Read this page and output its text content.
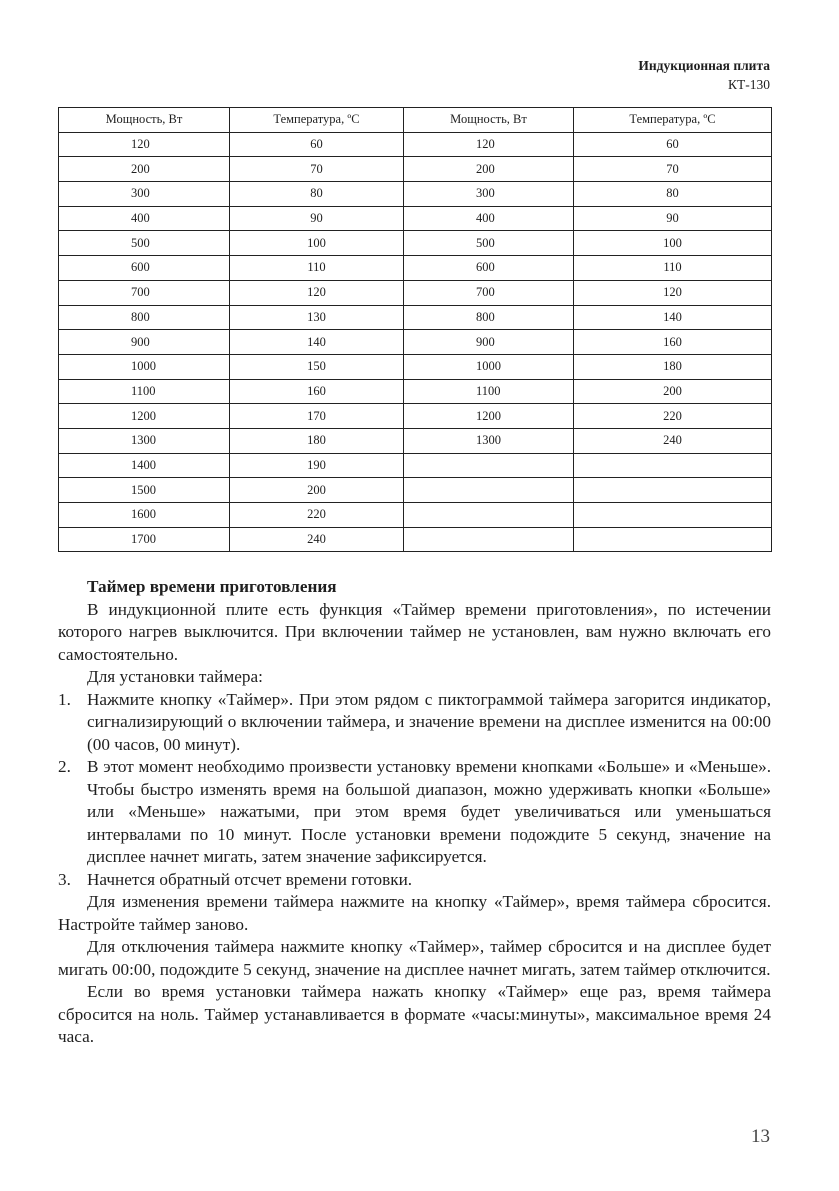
Индукционная плита
КТ-130
Мощность, Вт	Температура, ºС	Мощность, Вт	Температура, ºС
120	60	120	60
200	70	200	70
300	80	300	80
400	90	400	90
500	100	500	100
600	110	600	110
700	120	700	120
800	130	800	140
900	140	900	160
1000	150	1000	180
1100	160	1100	200
1200	170	1200	220
1300	180	1300	240
1400	190		
1500	200		
1600	220		
1700	240		
Таймер времени приготовления

В индукционной плите есть функция «Таймер времени приготовления», по истечении которого нагрев выключится. При включении таймер не установлен, вам нужно включать его самостоятельно.

Для установки таймера:

1. Нажмите кнопку «Таймер». При этом рядом с пиктограммой таймера загорится индикатор, сигнализирующий о включении таймера, и значение времени на дисплее изменится на 00:00 (00 часов, 00 минут).
2. В этот момент необходимо произвести установку времени кнопками «Больше» и «Меньше». Чтобы быстро изменять время на большой диапазон, можно удерживать кнопки «Больше» или «Меньше» нажатыми, при этом время будет увеличиваться или уменьшаться интервалами по 10 минут. После установки времени подождите 5 секунд, значение на дисплее начнет мигать, затем значение зафиксируется.
3. Начнется обратный отсчет времени готовки.

Для изменения времени таймера нажмите на кнопку «Таймер», время таймера сбросится. Настройте таймер заново.

Для отключения таймера нажмите кнопку «Таймер», таймер сбросится и на дисплее будет мигать 00:00, подождите 5 секунд, значение на дисплее начнет мигать, затем таймер отключится.

Если во время установки таймера нажать кнопку «Таймер» еще раз, время таймера сбросится на ноль. Таймер устанавливается в формате «часы:минуты», максимальное время 24 часа.

13
